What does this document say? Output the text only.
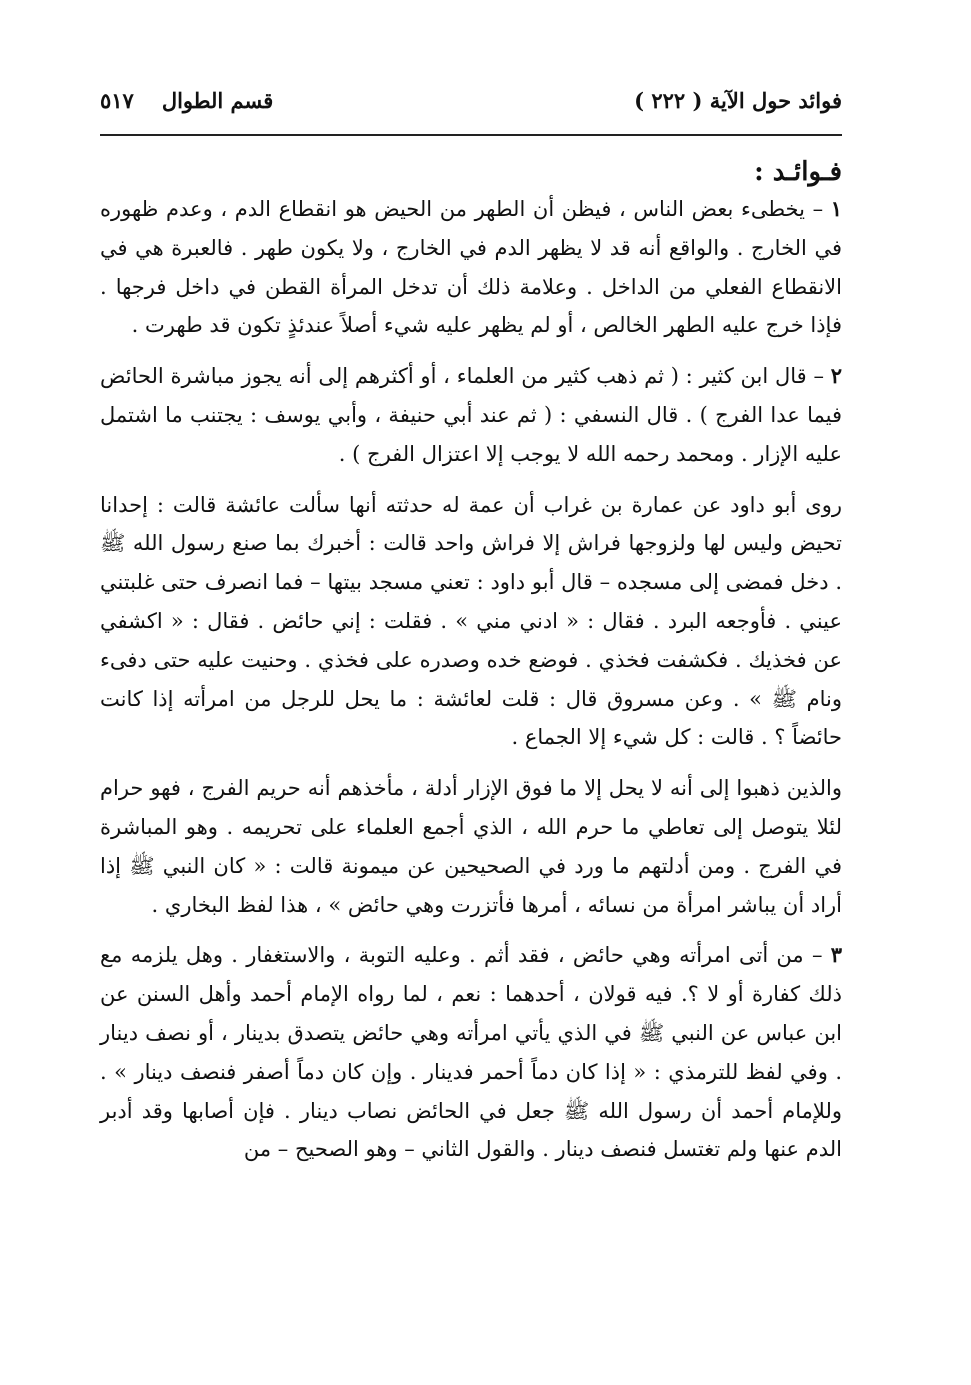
فوائد حول الآية ( ٢٢٢ )
قسم الطوال
٥١٧
فـوائـد :

١ – يخطىء بعض الناس ، فيظن أن الطهر من الحيض هو انقطاع الدم ، وعدم ظهوره في الخارج . والواقع أنه قد لا يظهر الدم في الخارج ، ولا يكون طهر . فالعبرة هي في الانقطاع الفعلي من الداخل . وعلامة ذلك أن تدخل المرأة القطن في داخل فرجها . فإذا خرج عليه الطهر الخالص ، أو لم يظهر عليه شيء أصلاً عندئذٍ تكون قد طهرت .

٢ – قال ابن كثير : ( ثم ذهب كثير من العلماء ، أو أكثرهم إلى أنه يجوز مباشرة الحائض فيما عدا الفرج ) . قال النسفي : ( ثم عند أبي حنيفة ، وأبي يوسف : يجتنب ما اشتمل عليه الإزار . ومحمد رحمه الله لا يوجب إلا اعتزال الفرج ) .

روى أبو داود عن عمارة بن غراب أن عمة له حدثته أنها سألت عائشة قالت : إحدانا تحيض وليس لها ولزوجها فراش إلا فراش واحد قالت : أخبرك بما صنع رسول الله ﷺ . دخل فمضى إلى مسجده – قال أبو داود : تعني مسجد بيتها – فما انصرف حتى غلبتني عيني . فأوجعه البرد . فقال : « ادني مني » . فقلت : إني حائض . فقال : « اكشفي عن فخذيك . فكشفت فخذي . فوضع خده وصدره على فخذي . وحنيت عليه حتى دفىء ونام ﷺ » . وعن مسروق قال : قلت لعائشة : ما يحل للرجل من امرأته إذا كانت حائضاً ؟ . قالت : كل شيء إلا الجماع .

والذين ذهبوا إلى أنه لا يحل إلا ما فوق الإزار أدلة ، مأخذهم أنه حريم الفرج ، فهو حرام لئلا يتوصل إلى تعاطي ما حرم الله ، الذي أجمع العلماء على تحريمه . وهو المباشرة في الفرج . ومن أدلتهم ما ورد في الصحيحين عن ميمونة قالت : « كان النبي ﷺ إذا أراد أن يباشر امرأة من نسائه ، أمرها فأتزرت وهي حائض » ، هذا لفظ البخاري .

٣ – من أتى امرأته وهي حائض ، فقد أثم . وعليه التوبة ، والاستغفار . وهل يلزمه مع ذلك كفارة أو لا ؟. فيه قولان ، أحدهما : نعم ، لما رواه الإمام أحمد وأهل السنن عن ابن عباس عن النبي ﷺ في الذي يأتي امرأته وهي حائض يتصدق بدينار ، أو نصف دينار . وفي لفظ للترمذي : « إذا كان دماً أحمر فدينار . وإن كان دماً أصفر فنصف دينار » . وللإمام أحمد أن رسول الله ﷺ جعل في الحائض نصاب دينار . فإن أصابها وقد أدبر الدم عنها ولم تغتسل فنصف دينار . والقول الثاني – وهو الصحيح – من
